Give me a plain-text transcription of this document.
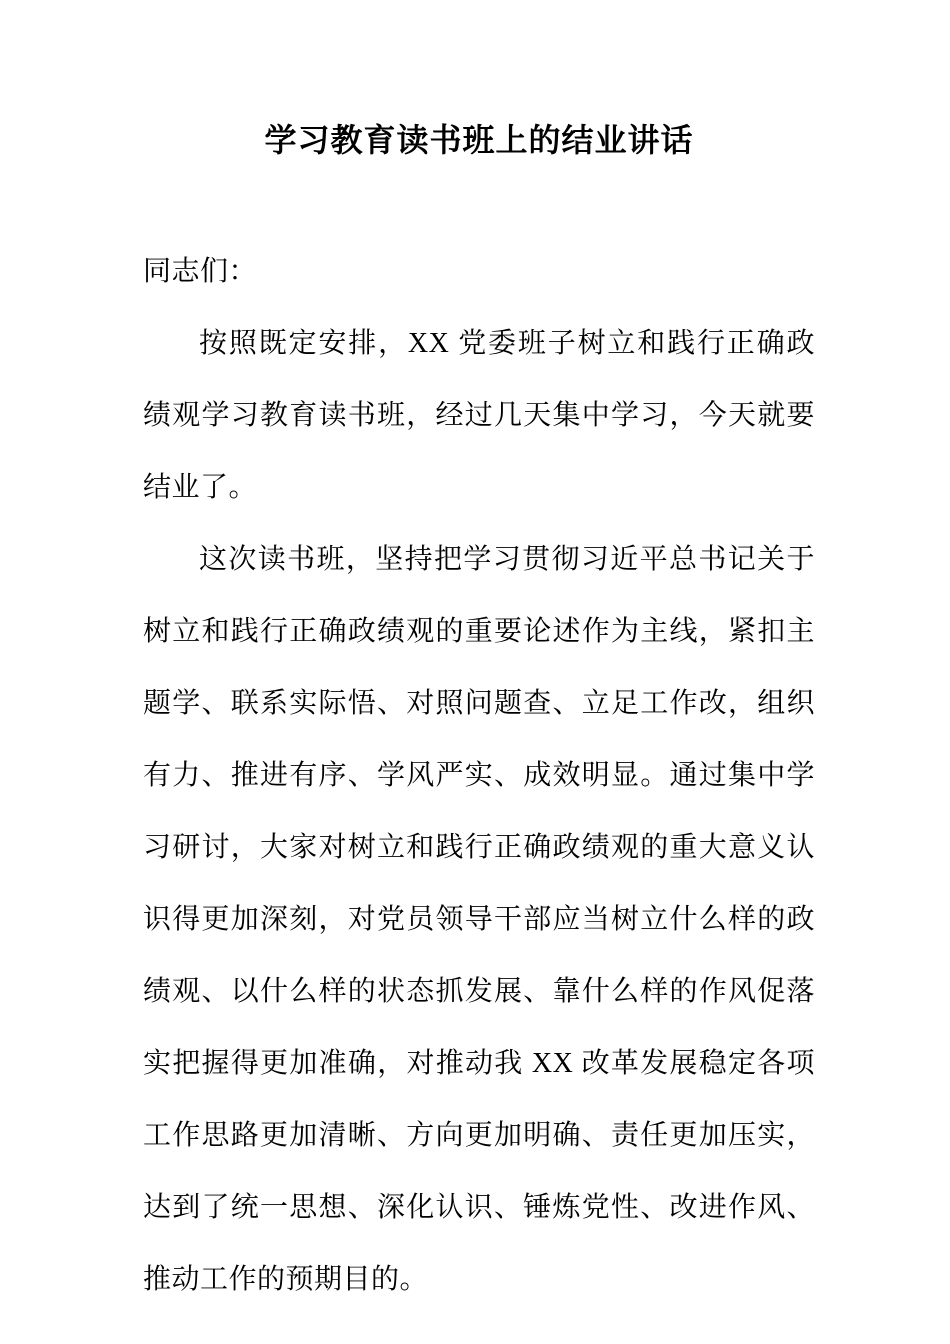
学习教育读书班上的结业讲话

同志们：

按照既定安排，XX 党委班子树立和践行正确政绩观学习教育读书班，经过几天集中学习，今天就要结业了。

这次读书班，坚持把学习贯彻习近平总书记关于树立和践行正确政绩观的重要论述作为主线，紧扣主题学、联系实际悟、对照问题查、立足工作改，组织有力、推进有序、学风严实、成效明显。通过集中学习研讨，大家对树立和践行正确政绩观的重大意义认识得更加深刻，对党员领导干部应当树立什么样的政绩观、以什么样的状态抓发展、靠什么样的作风促落实把握得更加准确，对推动我 XX 改革发展稳定各项工作思路更加清晰、方向更加明确、责任更加压实，达到了统一思想、深化认识、锤炼党性、改进作风、推动工作的预期目的。
